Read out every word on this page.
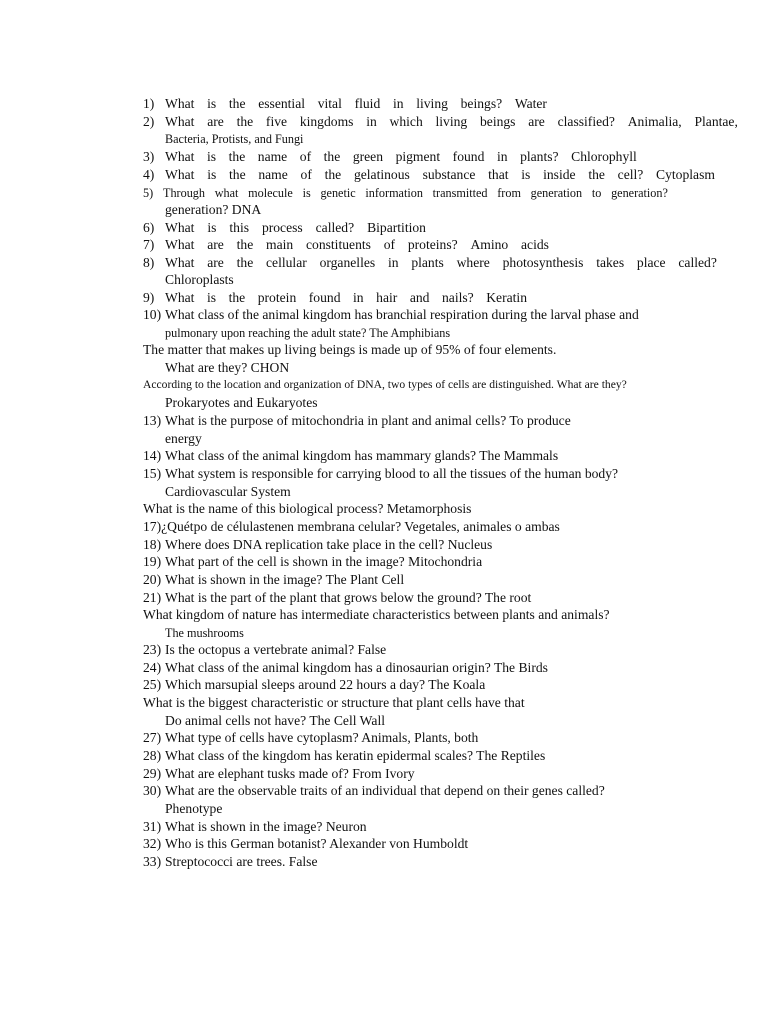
1) What is the essential vital fluid in living beings? Water
2) What are the five kingdoms in which living beings are classified? Animalia, Plantae,
Bacteria, Protists, and Fungi
3) What is the name of the green pigment found in plants? Chlorophyll
4) What is the name of the gelatinous substance that is inside the cell? Cytoplasm
5) Through what molecule is genetic information transmitted from generation to generation?
generation? DNA
6) What is this process called? Bipartition
7) What are the main constituents of proteins? Amino acids
8) What are the cellular organelles in plants where photosynthesis takes place called?
Chloroplasts
9) What is the protein found in hair and nails? Keratin
10) What class of the animal kingdom has branchial respiration during the larval phase and
pulmonary upon reaching the adult state? The Amphibians
The matter that makes up living beings is made up of 95% of four elements.
What are they? CHON
According to the location and organization of DNA, two types of cells are distinguished. What are they?
Prokaryotes and Eukaryotes
13) What is the purpose of mitochondria in plant and animal cells? To produce
energy
14) What class of the animal kingdom has mammary glands? The Mammals
15) What system is responsible for carrying blood to all the tissues of the human body?
Cardiovascular System
What is the name of this biological process? Metamorphosis
17)¿Quétpo de célulastenen membrana celular? Vegetales, animales o ambas
18) Where does DNA replication take place in the cell? Nucleus
19) What part of the cell is shown in the image? Mitochondria
20) What is shown in the image? The Plant Cell
21) What is the part of the plant that grows below the ground? The root
What kingdom of nature has intermediate characteristics between plants and animals?
The mushrooms
23) Is the octopus a vertebrate animal? False
24) What class of the animal kingdom has a dinosaurian origin? The Birds
25) Which marsupial sleeps around 22 hours a day? The Koala
What is the biggest characteristic or structure that plant cells have that
Do animal cells not have? The Cell Wall
27) What type of cells have cytoplasm? Animals, Plants, both
28) What class of the kingdom has keratin epidermal scales? The Reptiles
29) What are elephant tusks made of? From Ivory
30) What are the observable traits of an individual that depend on their genes called?
Phenotype
31) What is shown in the image? Neuron
32) Who is this German botanist? Alexander von Humboldt
33) Streptococci are trees. False
